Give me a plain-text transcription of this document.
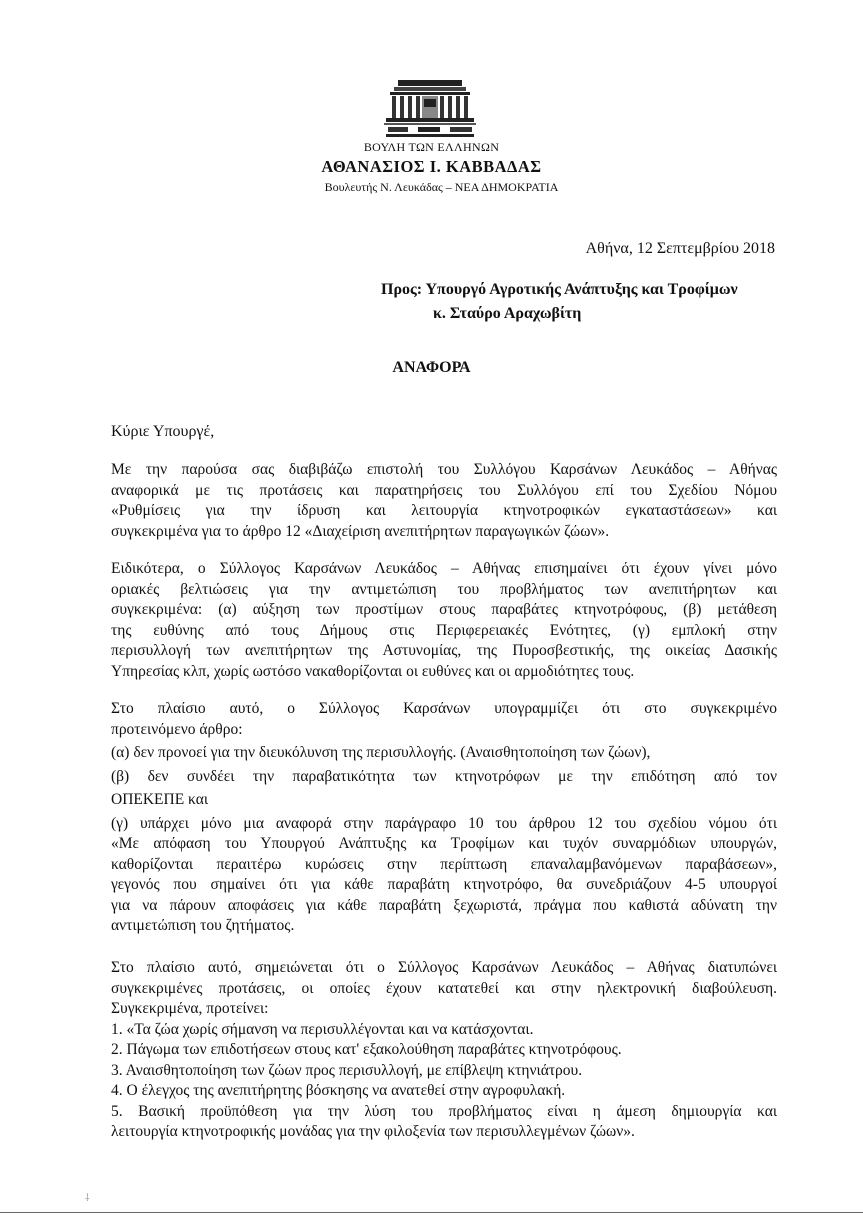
ΒΟΥΛΗ ΤΩΝ ΕΛΛΗΝΩΝ
ΑΘΑΝΑΣΙΟΣ Ι. ΚΑΒΒΑΔΑΣ
Βουλευτής Ν. Λευκάδας – ΝΕΑ ΔΗΜΟΚΡΑΤΙΑ
Αθήνα, 12 Σεπτεμβρίου 2018
Προς: Υπουργό Αγροτικής Ανάπτυξης και Τροφίμων
κ. Σταύρο Αραχωβίτη
ΑΝΑΦΟΡΑ
Κύριε Υπουργέ,
Με την παρούσα σας διαβιβάζω επιστολή του Συλλόγου Καρσάνων Λευκάδος – Αθήνας
αναφορικά με τις προτάσεις και παρατηρήσεις του Συλλόγου επί του Σχεδίου Νόμου
«Ρυθμίσεις για την ίδρυση και λειτουργία κτηνοτροφικών εγκαταστάσεων» και
συγκεκριμένα για το άρθρο 12 «Διαχείριση ανεπιτήρητων παραγωγικών ζώων».
Ειδικότερα, ο Σύλλογος Καρσάνων Λευκάδος – Αθήνας επισημαίνει ότι έχουν γίνει μόνο
οριακές βελτιώσεις για την αντιμετώπιση του προβλήματος των ανεπιτήρητων και
συγκεκριμένα: (α) αύξηση των προστίμων στους παραβάτες κτηνοτρόφους, (β) μετάθεση
της ευθύνης από τους Δήμους στις Περιφερειακές Ενότητες, (γ) εμπλοκή στην
περισυλλογή των ανεπιτήρητων της Αστυνομίας, της Πυροσβεστικής, της οικείας Δασικής
Υπηρεσίας κλπ, χωρίς ωστόσο νακαθορίζονται οι ευθύνες και οι αρμοδιότητες τους.
Στο πλαίσιο αυτό, ο Σύλλογος Καρσάνων υπογραμμίζει ότι στο συγκεκριμένο
προτεινόμενο άρθρο:
(α) δεν προνοεί για την διευκόλυνση της περισυλλογής. (Αναισθητοποίηση των ζώων),
(β) δεν συνδέει την παραβατικότητα των κτηνοτρόφων με την επιδότηση από τον
ΟΠΕΚΕΠΕ και
(γ) υπάρχει μόνο μια αναφορά στην παράγραφο 10 του άρθρου 12 του σχεδίου νόμου ότι
«Με απόφαση του Υπουργού Ανάπτυξης κα Τροφίμων και τυχόν συναρμόδιων υπουργών,
καθορίζονται περαιτέρω κυρώσεις στην περίπτωση επαναλαμβανόμενων παραβάσεων»,
γεγονός που σημαίνει ότι για κάθε παραβάτη κτηνοτρόφο, θα συνεδριάζουν 4-5 υπουργοί
για να πάρουν αποφάσεις για κάθε παραβάτη ξεχωριστά, πράγμα που καθιστά αδύνατη την
αντιμετώπιση του ζητήματος.
Στο πλαίσιο αυτό, σημειώνεται ότι ο Σύλλογος Καρσάνων Λευκάδος – Αθήνας διατυπώνει
συγκεκριμένες προτάσεις, οι οποίες έχουν κατατεθεί και στην ηλεκτρονική διαβούλευση.
Συγκεκριμένα, προτείνει:
1. «Τα ζώα χωρίς σήμανση να περισυλλέγονται και να κατάσχονται.
2. Πάγωμα των επιδοτήσεων στους κατ' εξακολούθηση παραβάτες κτηνοτρόφους.
3. Αναισθητοποίηση των ζώων προς περισυλλογή, με επίβλεψη κτηνιάτρου.
4. Ο έλεγχος της ανεπιτήρητης βόσκησης να ανατεθεί στην αγροφυλακή.
5. Βασική προϋπόθεση για την λύση του προβλήματος είναι η άμεση δημιουργία και
λειτουργία κτηνοτροφικής μονάδας για την φιλοξενία των περισυλλεγμένων ζώων».
⸸
